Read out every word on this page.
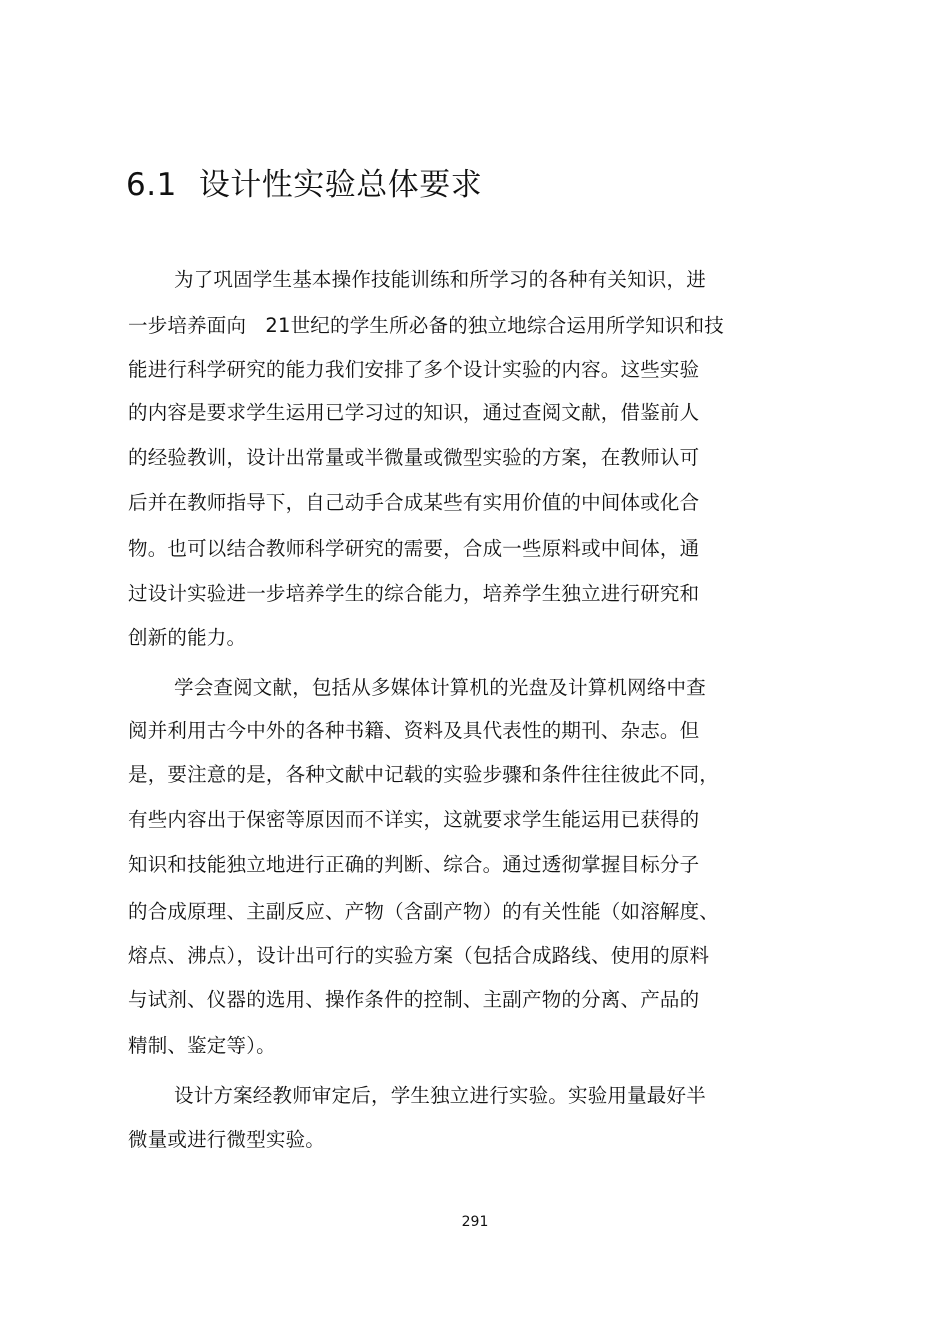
6.1 设计性实验总体要求
为了巩固学生基本操作技能训练和所学习的各种有关知识，进
一步培养面向   21世纪的学生所必备的独立地综合运用所学知识和技
能进行科学研究的能力我们安排了多个设计实验的内容。这些实验
的内容是要求学生运用已学习过的知识，通过查阅文献，借鉴前人
的经验教训，设计出常量或半微量或微型实验的方案，在教师认可
后并在教师指导下，自己动手合成某些有实用价值的中间体或化合
物。也可以结合教师科学研究的需要，合成一些原料或中间体，通
过设计实验进一步培养学生的综合能力，培养学生独立进行研究和
创新的能力。
学会查阅文献，包括从多媒体计算机的光盘及计算机网络中查
阅并利用古今中外的各种书籍、资料及具代表性的期刊、杂志。但
是，要注意的是，各种文献中记载的实验步骤和条件往往彼此不同，
有些内容出于保密等原因而不详实，这就要求学生能运用已获得的
知识和技能独立地进行正确的判断、综合。通过透彻掌握目标分子
的合成原理、主副反应、产物（含副产物）的有关性能（如溶解度、
熔点、沸点），设计出可行的实验方案（包括合成路线、使用的原料
与试剂、仪器的选用、操作条件的控制、主副产物的分离、产品的
精制、鉴定等）。
设计方案经教师审定后，学生独立进行实验。实验用量最好半
微量或进行微型实验。
291
